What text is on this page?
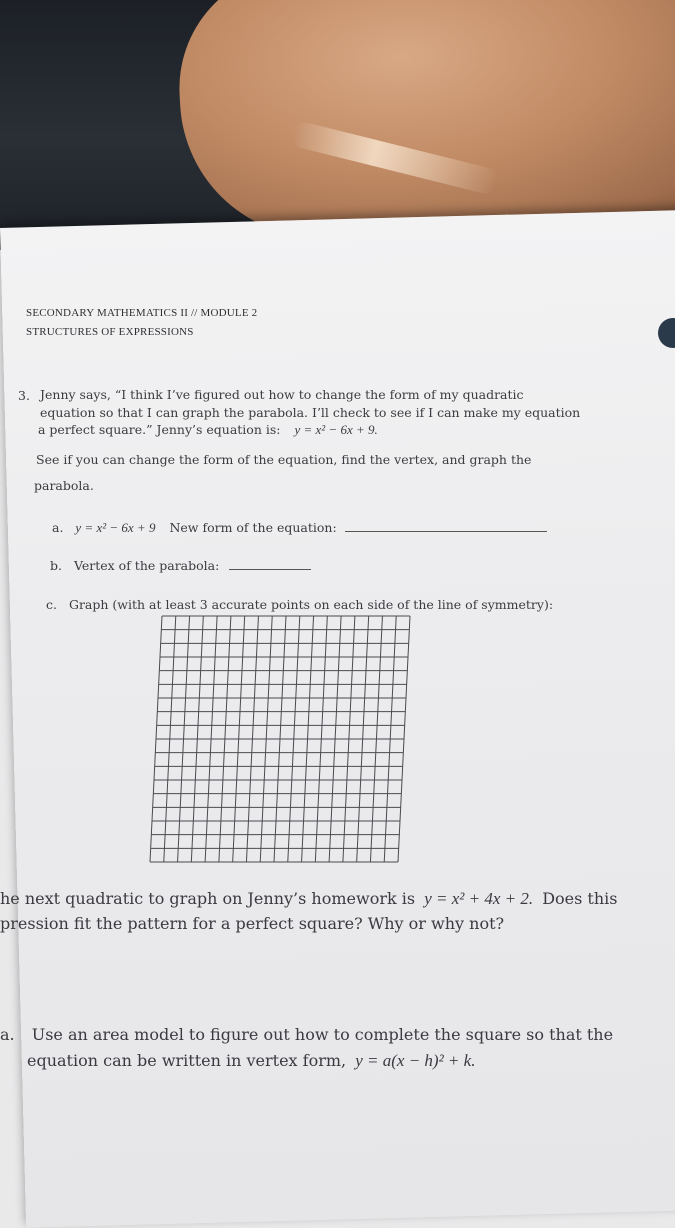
SECONDARY MATHEMATICS II // MODULE 2
STRUCTURES OF EXPRESSIONS
3. Jenny says, “I think I’ve figured out how to change the form of my quadratic
equation so that I can graph the parabola. I’ll check to see if I can make my equation
a perfect square.” Jenny’s equation is: y = x² − 6x + 9.
See if you can change the form of the equation, find the vertex, and graph the
parabola.
a. y = x² − 6x + 9 New form of the equation:
b. Vertex of the parabola:
c. Graph (with at least 3 accurate points on each side of the line of symmetry):
he next quadratic to graph on Jenny’s homework is y = x² + 4x + 2. Does this
pression fit the pattern for a perfect square? Why or why not?
a. Use an area model to figure out how to complete the square so that the
equation can be written in vertex form, y = a(x − h)² + k.
